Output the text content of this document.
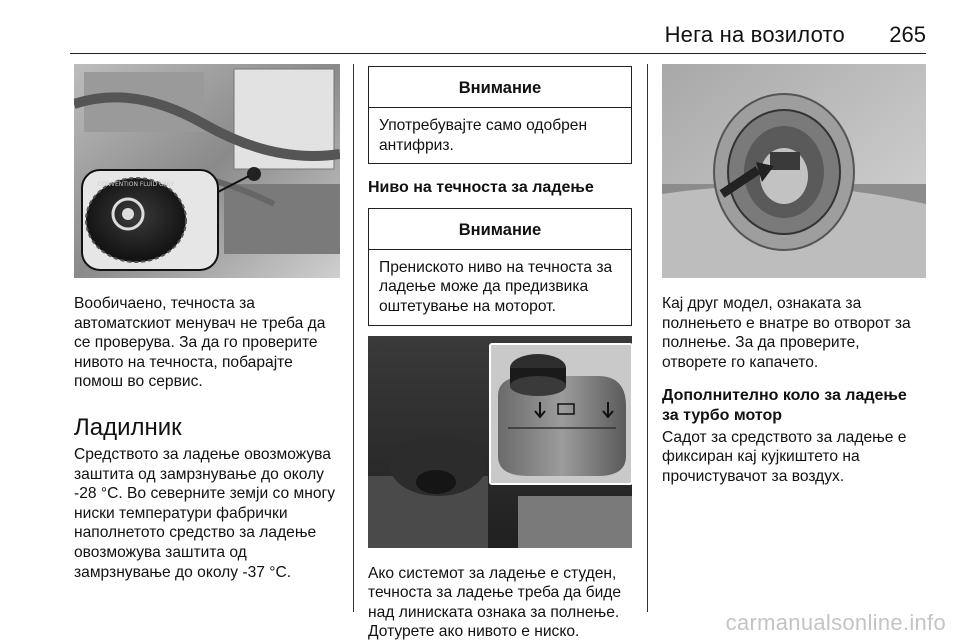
Нега на возилото 265
CONVENTION FLUID ONLY

Вообичаено, течноста за автоматскиот менувач не треба да се проверува. За да го проверите нивото на течноста, побарајте помош во сервис.

Ладилник

Средството за ладење овозможува заштита од замрзнување до околу -28 °C. Во северните земји со многу ниски температури фабрички наполнетото средство за ладење овозможува заштита од замрзнување до околу -37 °C.

Внимание
Употребувајте само одобрен антифриз.
Ниво на течноста за ладење
Внимание
Прениското ниво на течноста за ладење може да предизвика оштетување на моторот.

Ако системот за ладење е студен, течноста за ладење треба да биде над линиската ознака за полнење. Дотурете ако нивото е ниско.

Кај друг модел, ознаката за полнењето е внатре во отворот за полнење. За да проверите, отворете го капачето.

Дополнително коло за ладење за турбо мотор

Садот за средството за ладење е фиксиран кај кујкиштето на прочистувачот за воздух.

carmanualsonline.info
